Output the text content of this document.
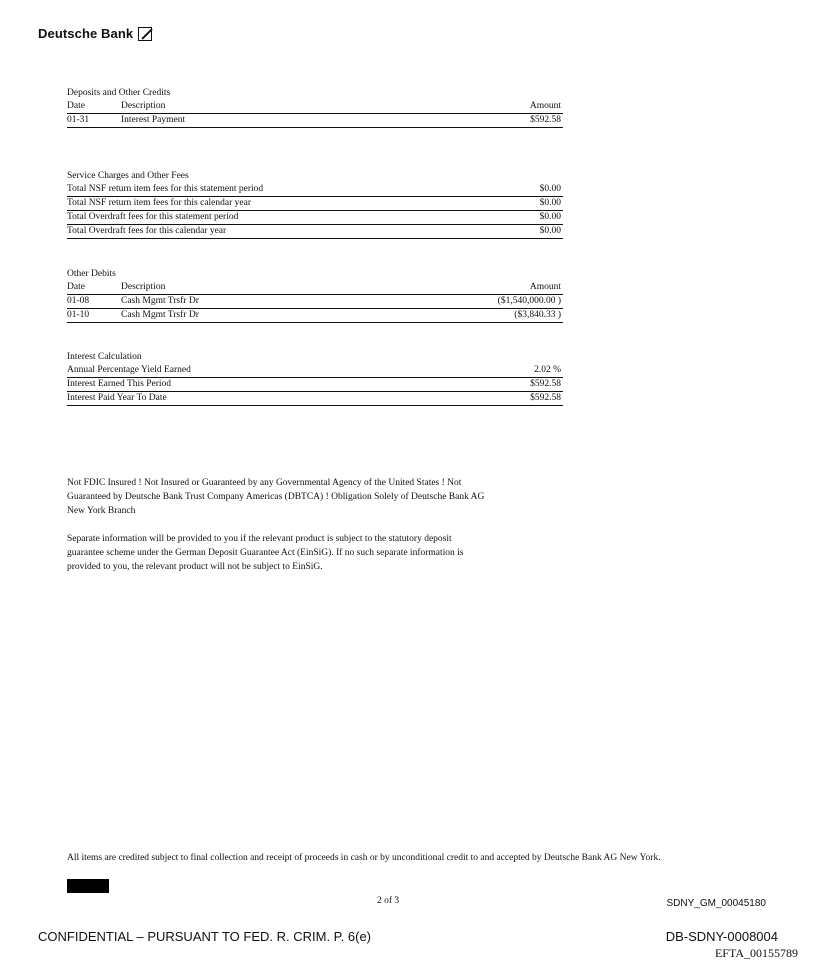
Deutsche Bank
Deposits and Other Credits
Date	Description	Amount
01-31	Interest Payment	$592.58
Service Charges and Other Fees
Total NSF return item fees for this statement period	$0.00
Total NSF return item fees for this calendar year	$0.00
Total Overdraft fees for this statement period	$0.00
Total Overdraft fees for this calendar year	$0.00
Other Debits
Date	Description	Amount
01-08	Cash Mgmt Trsfr Dr	($1,540,000.00 )
01-10	Cash Mgmt Trsfr Dr	($3,840.33 )
Interest Calculation
Annual Percentage Yield Earned	2.02 %
Interest Earned This Period	$592.58
Interest Paid Year To Date	$592.58
Not FDIC Insured ! Not Insured or Guaranteed by any Governmental Agency of the United States ! Not
Guaranteed by Deutsche Bank Trust Company Americas (DBTCA) ! Obligation Solely of Deutsche Bank AG
New York Branch
Separate information will be provided to you if the relevant product is subject to the statutory deposit
guarantee scheme under the German Deposit Guarantee Act (EinSiG). If no such separate information is
provided to you, the relevant product will not be subject to EinSiG.
All items are credited subject to final collection and receipt of proceeds in cash or by unconditional credit to and accepted by Deutsche Bank AG New York.
2 of 3	SDNY_GM_00045180
CONFIDENTIAL – PURSUANT TO FED. R. CRIM. P. 6(e)	DB-SDNY-0008004
EFTA_00155789
